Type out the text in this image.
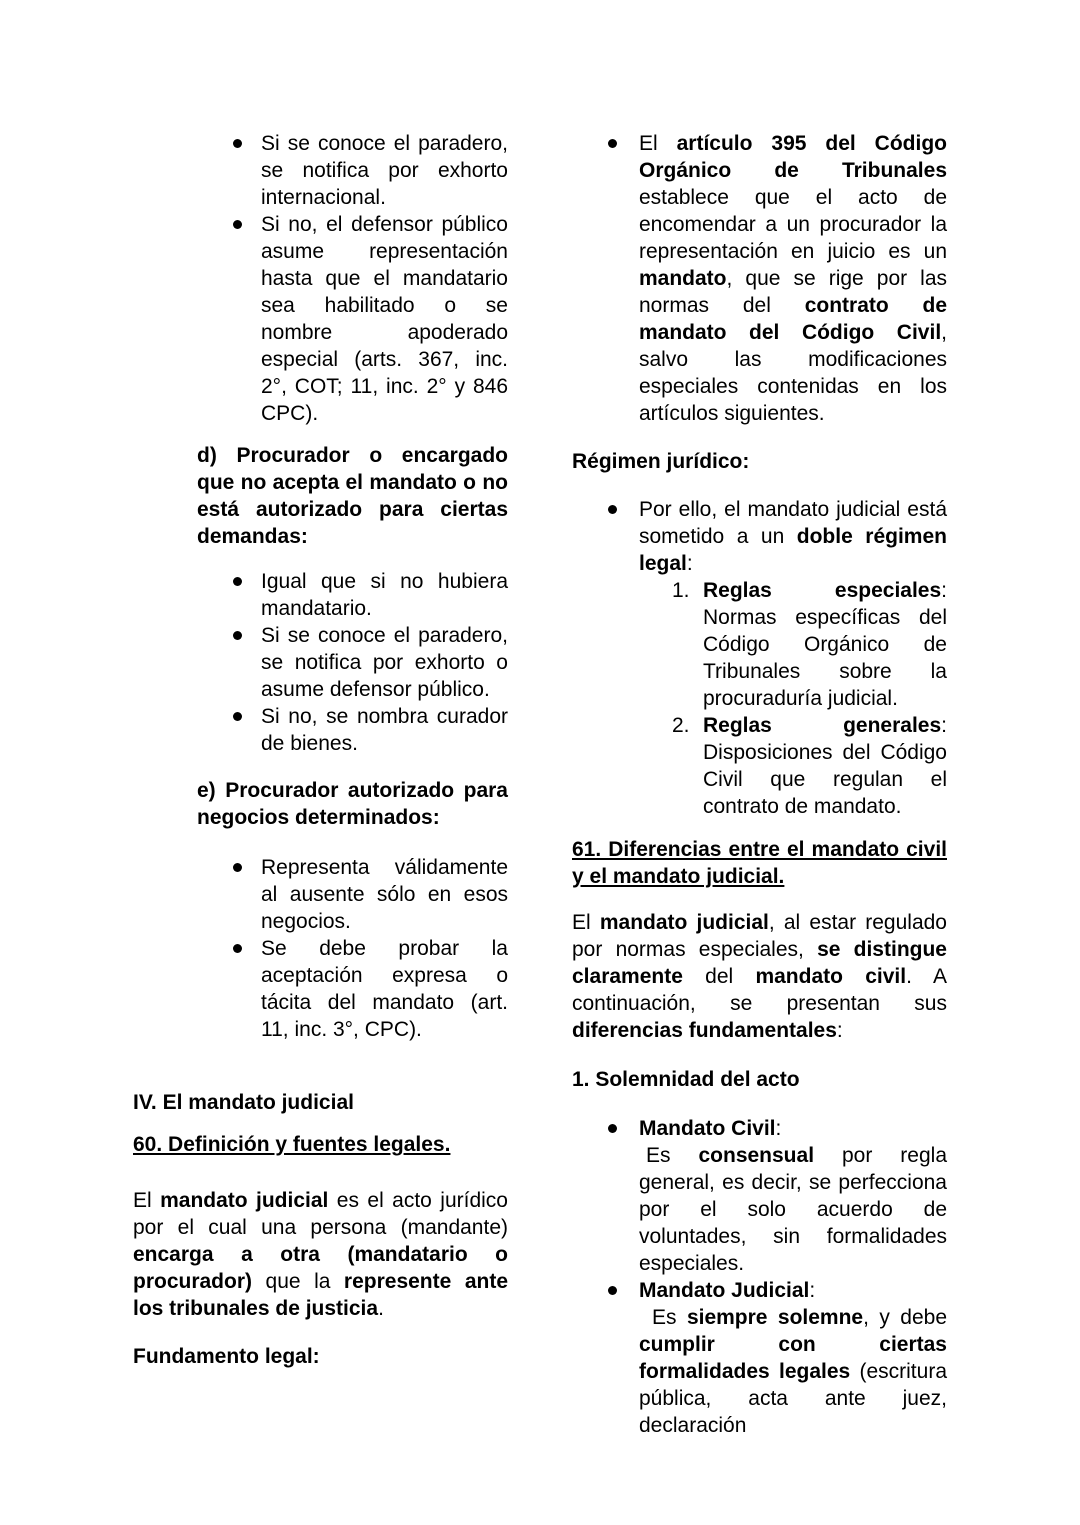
Si se conoce el paradero, se notifica por exhorto internacional.
Si no, el defensor público asume representación hasta que el mandatario sea habilitado o se nombre apoderado especial (arts. 367, inc. 2°, COT; 11, inc. 2° y 846 CPC).

d) Procurador o encargado que no acepta el mandato o no está autorizado para ciertas demandas:

Igual que si no hubiera mandatario.
Si se conoce el paradero, se notifica por exhorto o asume defensor público.
Si no, se nombra curador de bienes.

e) Procurador autorizado para negocios determinados:

Representa válidamente al ausente sólo en esos negocios.
Se debe probar la aceptación expresa o tácita del mandato (art. 11, inc. 3°, CPC).

IV. El mandato judicial

60. Definición y fuentes legales.

El mandato judicial es el acto jurídico por el cual una persona (mandante) encarga a otra (mandatario o procurador) que la represente ante los tribunales de justicia.

Fundamento legal:

El artículo 395 del Código Orgánico de Tribunales establece que el acto de encomendar a un procurador la representación en juicio es un mandato, que se rige por las normas del contrato de mandato del Código Civil, salvo las modificaciones especiales contenidas en los artículos siguientes.

Régimen jurídico:

Por ello, el mandato judicial está sometido a un doble régimen legal:

1. Reglas especiales: Normas específicas del Código Orgánico de Tribunales sobre la procuraduría judicial.
2. Reglas generales: Disposiciones del Código Civil que regulan el contrato de mandato.

61. Diferencias entre el mandato civil y el mandato judicial.

El mandato judicial, al estar regulado por normas especiales, se distingue claramente del mandato civil. A continuación, se presentan sus diferencias fundamentales:

1. Solemnidad del acto

Mandato Civil:

Es consensual por regla general, es decir, se perfecciona por el solo acuerdo de voluntades, sin formalidades especiales.

Mandato Judicial:

Es siempre solemne, y debe cumplir con ciertas formalidades legales (escritura pública, acta ante juez, declaración
